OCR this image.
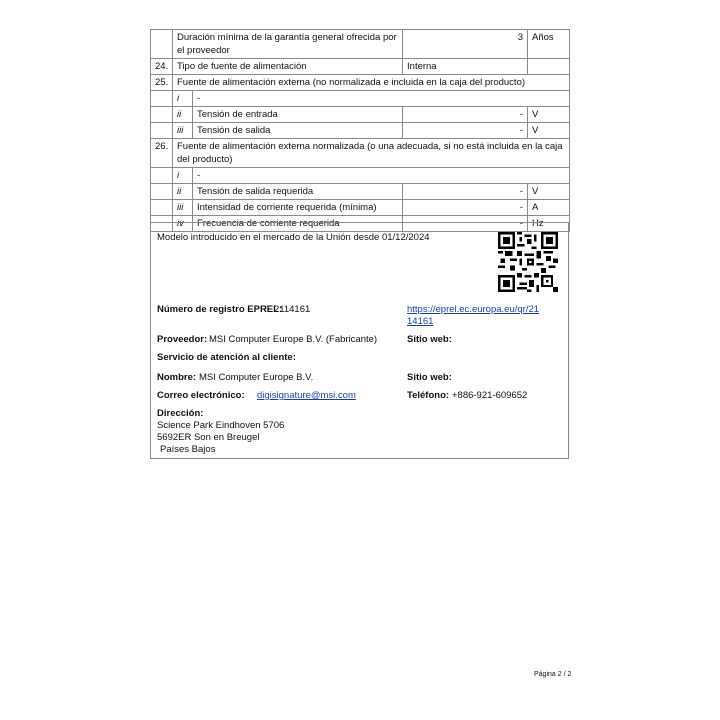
	Duración mínima de la garantía general ofrecida por el proveedor		3	Años
24.	Tipo de fuente de alimentación		Interna	
25.	Fuente de alimentación externa (no normalizada e incluida en la caja del producto)			
	i	-		
	ii	Tensión de entrada	-	V
	iii	Tensión de salida	-	V
26.	Fuente de alimentación externa normalizada (o una adecuada, si no está incluida en la caja del producto)			
	i	-		
	ii	Tensión de salida requerida	-	V
	iii	Intensidad de corriente requerida (mínima)	-	A
	iv	Frecuencia de corriente requerida	-	Hz
Modelo introducido en el mercado de la Unión desde 01/12/2024
Número de registro EPREL:
2114161	https://eprel.ec.europa.eu/qr/21
14161
Proveedor: MSI Computer Europe B.V. (Fabricante)	Sitio web:
Servicio de atención al cliente:
Nombre: MSI Computer Europe B.V.	Sitio web:
Correo electrónico: digisignature@msi.com	Teléfono: +886-921-609652
Dirección:
Science Park Eindhoven 5706
5692ER Son en Breugel
Países Bajos
Página 2 / 2
